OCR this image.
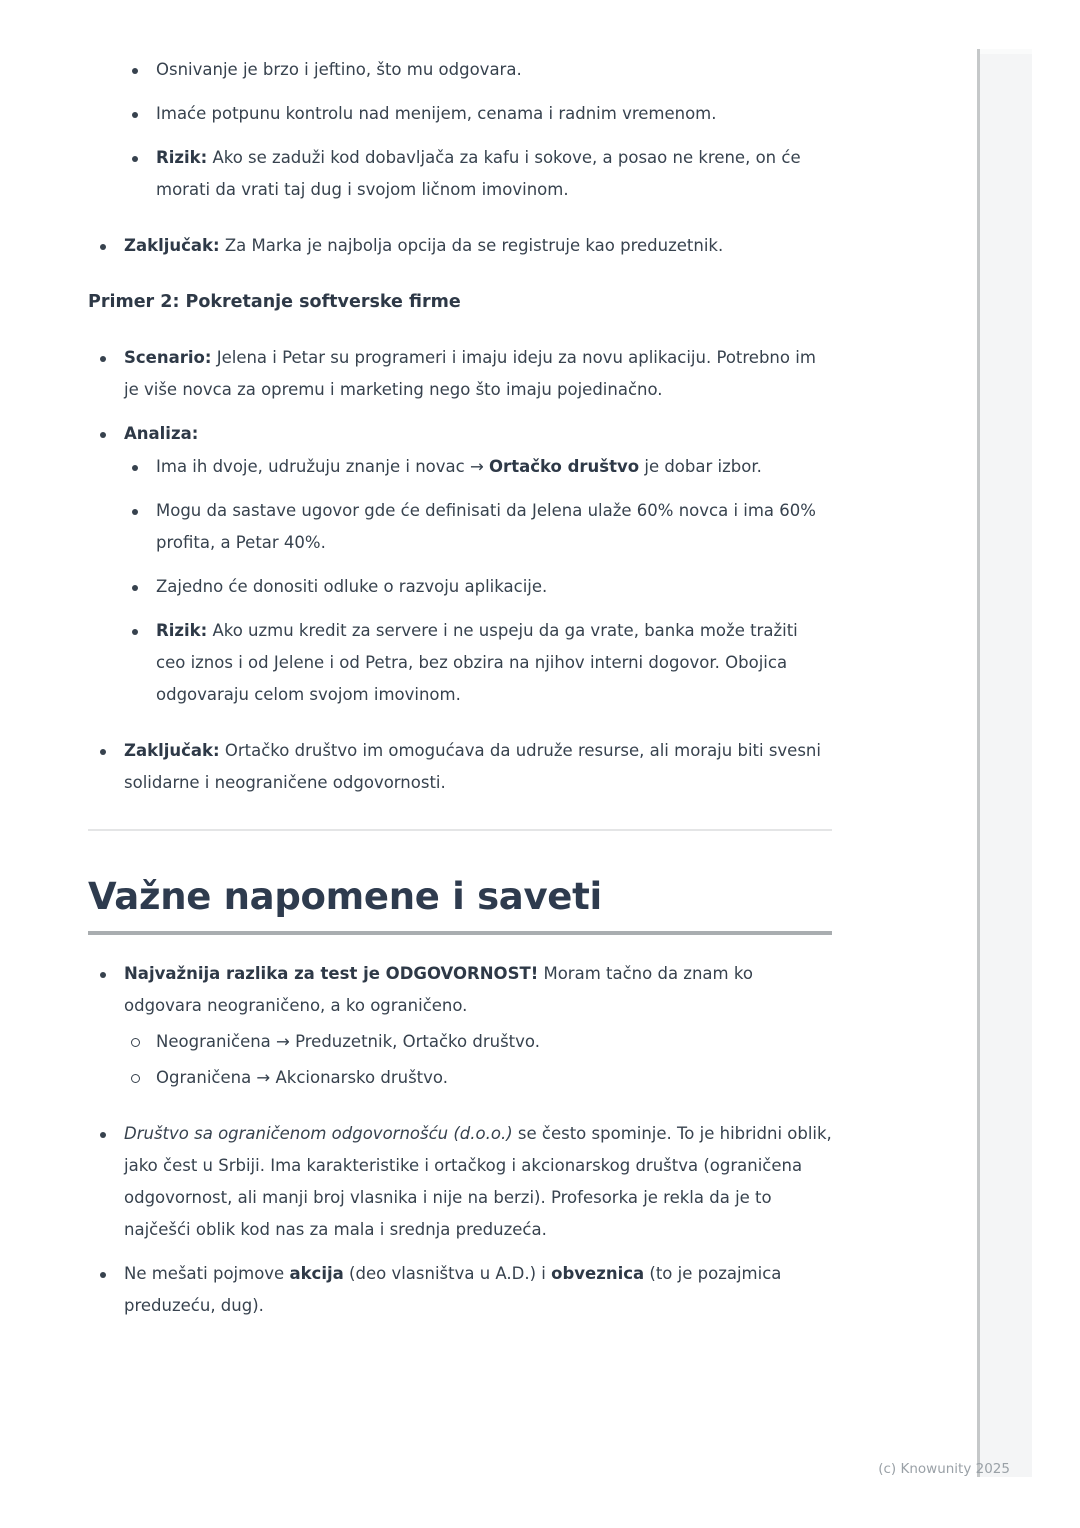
Osnivanje je brzo i jeftino, što mu odgovara.
Imaće potpunu kontrolu nad menijem, cenama i radnim vremenom.
Rizik: Ako se zaduži kod dobavljača za kafu i sokove, a posao ne krene, on će morati da vrati taj dug i svojom ličnom imovinom.
Zaključak: Za Marka je najbolja opcija da se registruje kao preduzetnik.
Primer 2: Pokretanje softverske firme
Scenario: Jelena i Petar su programeri i imaju ideju za novu aplikaciju. Potrebno im je više novca za opremu i marketing nego što imaju pojedinačno.
Analiza:
Ima ih dvoje, udružuju znanje i novac → Ortačko društvo je dobar izbor.
Mogu da sastave ugovor gde će definisati da Jelena ulaže 60% novca i ima 60% profita, a Petar 40%.
Zajedno će donositi odluke o razvoju aplikacije.
Rizik: Ako uzmu kredit za servere i ne uspeju da ga vrate, banka može tražiti ceo iznos i od Jelene i od Petra, bez obzira na njihov interni dogovor. Obojica odgovaraju celom svojom imovinom.
Zaključak: Ortačko društvo im omogućava da udruže resurse, ali moraju biti svesni solidarne i neograničene odgovornosti.
Važne napomene i saveti
Najvažnija razlika za test je ODGOVORNOST! Moram tačno da znam ko odgovara neograničeno, a ko ograničeno.
Neograničena → Preduzetnik, Ortačko društvo.
Ograničena → Akcionarsko društvo.
Društvo sa ograničenom odgovornošću (d.o.o.) se često spominje. To je hibridni oblik, jako čest u Srbiji. Ima karakteristike i ortačkog i akcionarskog društva (ograničena odgovornost, ali manji broj vlasnika i nije na berzi). Profesorka je rekla da je to najčešći oblik kod nas za mala i srednja preduzeća.
Ne mešati pojmove akcija (deo vlasništva u A.D.) i obveznica (to je pozajmica preduzeću, dug).
(c) Knowunity 2025
